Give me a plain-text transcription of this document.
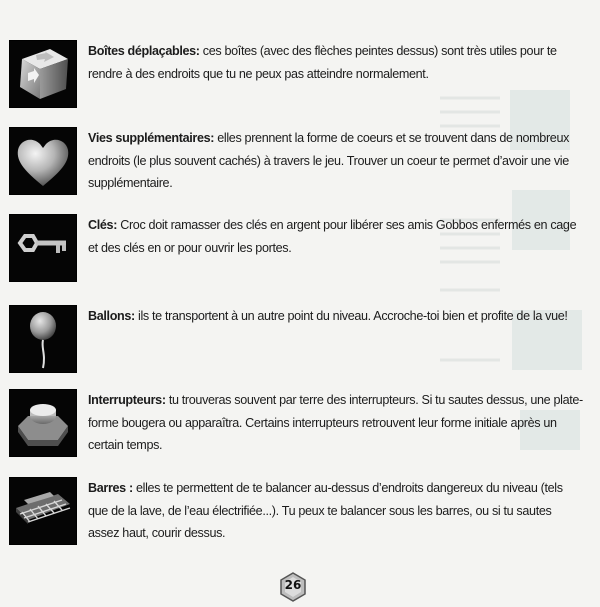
Boîtes déplaçables: ces boîtes (avec des flèches peintes dessus) sont très utiles pour te rendre à des endroits que tu ne peux pas atteindre normalement.
Vies supplémentaires: elles prennent la forme de coeurs et se trouvent dans de nombreux endroits (le plus souvent cachés) à travers le jeu. Trouver un coeur te permet d’avoir une vie supplémentaire.
Clés: Croc doit ramasser des clés en argent pour libérer ses amis Gobbos enfermés en cage et des clés en or pour ouvrir les portes.
Ballons: ils te transportent à un autre point du niveau. Accroche-toi bien et profite de la vue!
Interrupteurs: tu trouveras souvent par terre des interrupteurs. Si tu sautes dessus, une plate-forme bougera ou apparaîtra. Certains interrupteurs retrouvent leur forme initiale après un certain temps.
Barres : elles te permettent de te balancer au-dessus d’endroits dangereux du niveau (tels que de la lave, de l’eau électrifiée...). Tu peux te balancer sous les barres, ou si tu sautes assez haut, courir dessus.
26
